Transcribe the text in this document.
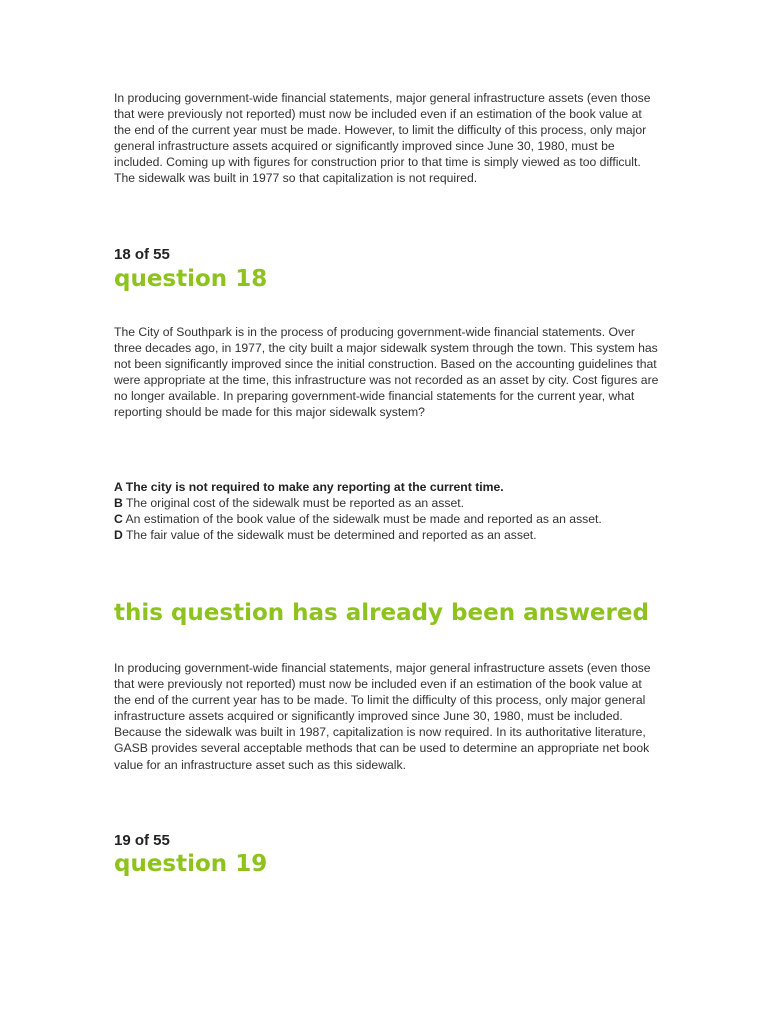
In producing government-wide financial statements, major general infrastructure assets (even those that were previously not reported) must now be included even if an estimation of the book value at the end of the current year must be made. However, to limit the difficulty of this process, only major general infrastructure assets acquired or significantly improved since June 30, 1980, must be included. Coming up with figures for construction prior to that time is simply viewed as too difficult. The sidewalk was built in 1977 so that capitalization is not required.

18 of 55

question 18

The City of Southpark is in the process of producing government-wide financial statements. Over three decades ago, in 1977, the city built a major sidewalk system through the town. This system has not been significantly improved since the initial construction. Based on the accounting guidelines that were appropriate at the time, this infrastructure was not recorded as an asset by city. Cost figures are no longer available. In preparing government-wide financial statements for the current year, what reporting should be made for this major sidewalk system?

A The city is not required to make any reporting at the current time.

B The original cost of the sidewalk must be reported as an asset.

C An estimation of the book value of the sidewalk must be made and reported as an asset.

D The fair value of the sidewalk must be determined and reported as an asset.

this question has already been answered

In producing government-wide financial statements, major general infrastructure assets (even those that were previously not reported) must now be included even if an estimation of the book value at the end of the current year has to be made. To limit the difficulty of this process, only major general infrastructure assets acquired or significantly improved since June 30, 1980, must be included. Because the sidewalk was built in 1987, capitalization is now required. In its authoritative literature, GASB provides several acceptable methods that can be used to determine an appropriate net book value for an infrastructure asset such as this sidewalk.

19 of 55

question 19
